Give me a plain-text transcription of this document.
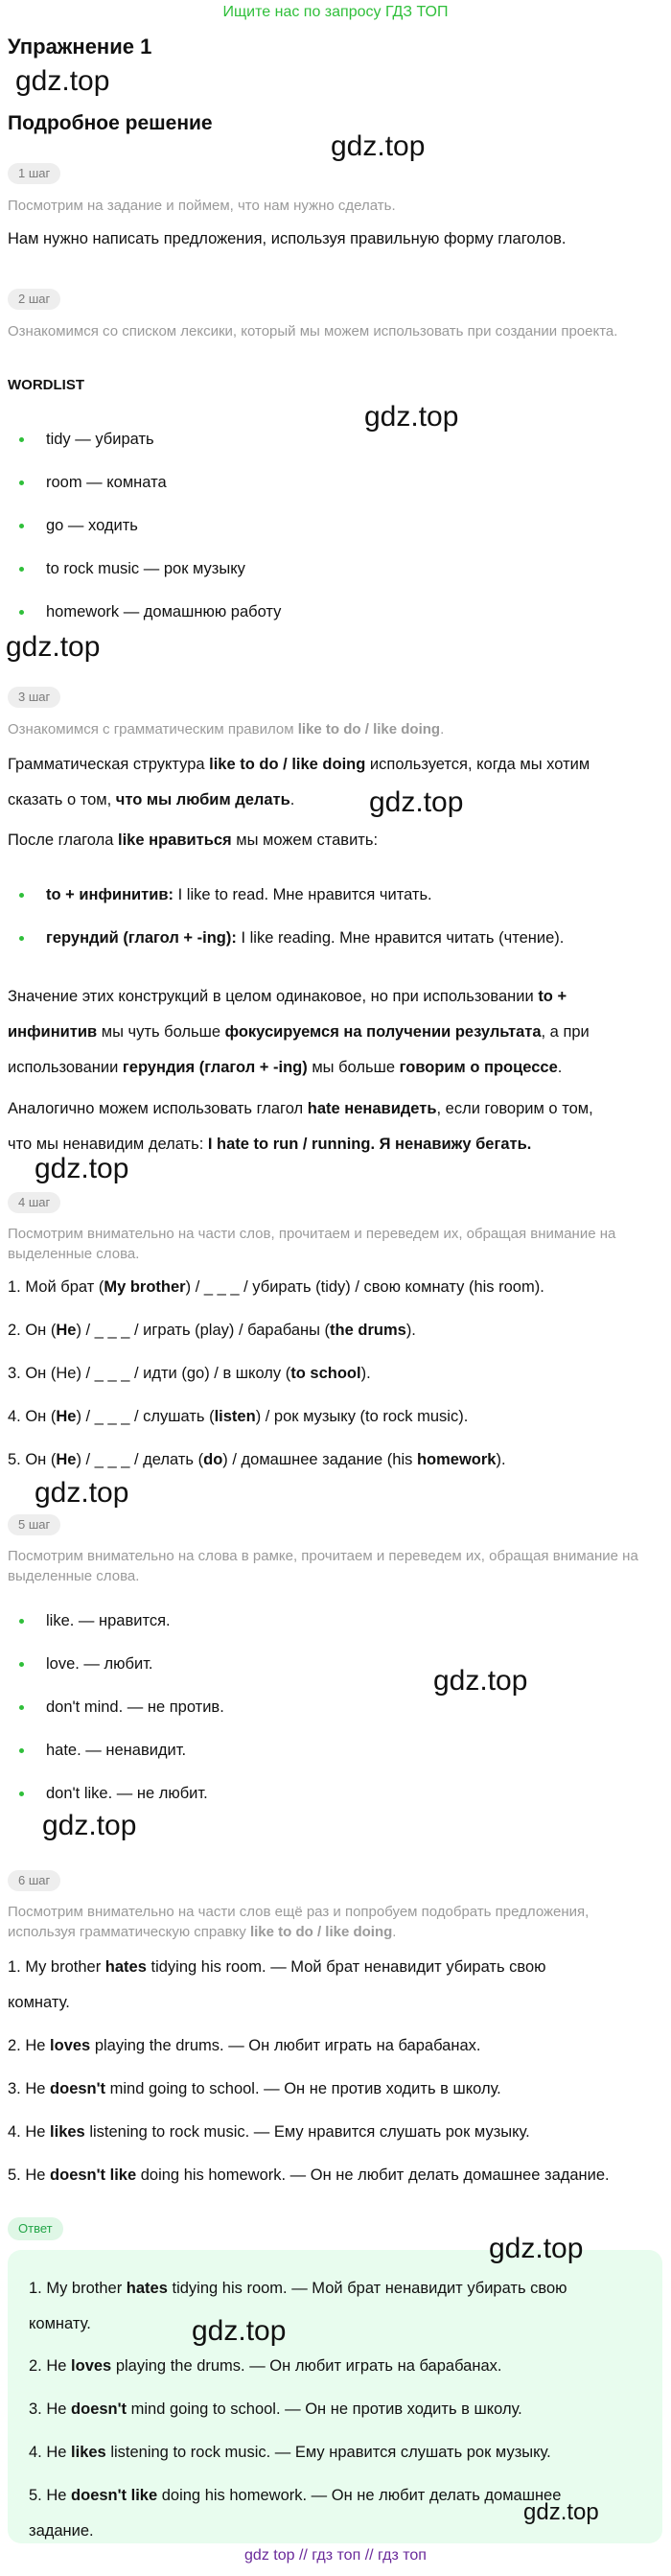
Ищите нас по запросу ГДЗ ТОП
Упражнение 1
gdz.top
Подробное решение
gdz.top
1 шаг
Посмотрим на задание и поймем, что нам нужно сделать.
Нам нужно написать предложения, используя правильную форму глаголов.
2 шаг
Ознакомимся со списком лексики, который мы можем использовать при создании проекта.
WORDLIST
gdz.top
tidy — убирать
room — комната
go — ходить
to rock music — рок музыку
homework — домашнюю работу
gdz.top
3 шаг
Ознакомимся с грамматическим правилом like to do / like doing.
Грамматическая структура like to do / like doing используется, когда мы хотим
сказать о том, что мы любим делать.	gdz.top
После глагола like нравиться мы можем ставить:
to + инфинитив: I like to read. Мне нравится читать.
герундий (глагол + -ing): I like reading. Мне нравится читать (чтение).
Значение этих конструкций в целом одинаковое, но при использовании to +
инфинитив мы чуть больше фокусируемся на получении результата, а при
использовании герундия (глагол + -ing) мы больше говорим о процессе.
Аналогично можем использовать глагол hate ненавидеть, если говорим о том,
что мы ненавидим делать: I hate to run / running. Я ненавижу бегать.
gdz.top
4 шаг
Посмотрим внимательно на части слов, прочитаем и переведем их, обращая внимание на выделенные слова.
1. Мой брат (My brother) / _ _ _ / убирать (tidy) / свою комнату (his room).
2. Он (He) / _ _ _ / играть (play) / барабаны (the drums).
3. Он (He) / _ _ _ / идти (go) / в школу (to school).
4. Он (He) / _ _ _ / слушать (listen) / рок музыку (to rock music).
5. Он (He) / _ _ _ / делать (do) / домашнее задание (his homework).
gdz.top
5 шаг
Посмотрим внимательно на слова в рамке, прочитаем и переведем их, обращая внимание на выделенные слова.
like. — нравится.
love. — любит.
gdz.top
don't mind. — не против.
hate. — ненавидит.
don't like. — не любит.
gdz.top
6 шаг
Посмотрим внимательно на части слов ещё раз и попробуем подобрать предложения, используя грамматическую справку like to do / like doing.
1. My brother hates tidying his room. — Мой брат ненавидит убирать свою
комнату.
2. He loves playing the drums. — Он любит играть на барабанах.
3. He doesn't mind going to school. — Он не против ходить в школу.
4. He likes listening to rock music. — Ему нравится слушать рок музыку.
5. He doesn't like doing his homework. — Он не любит делать домашнее задание.
Ответ
gdz.top
1. My brother hates tidying his room. — Мой брат ненавидит убирать свою
комнату.	gdz.top
2. He loves playing the drums. — Он любит играть на барабанах.
3. He doesn't mind going to school. — Он не против ходить в школу.
4. He likes listening to rock music. — Ему нравится слушать рок музыку.
5. He doesn't like doing his homework. — Он не любит делать домашнее
задание.
gdz.top
gdz top // гдз топ // гдз топ
